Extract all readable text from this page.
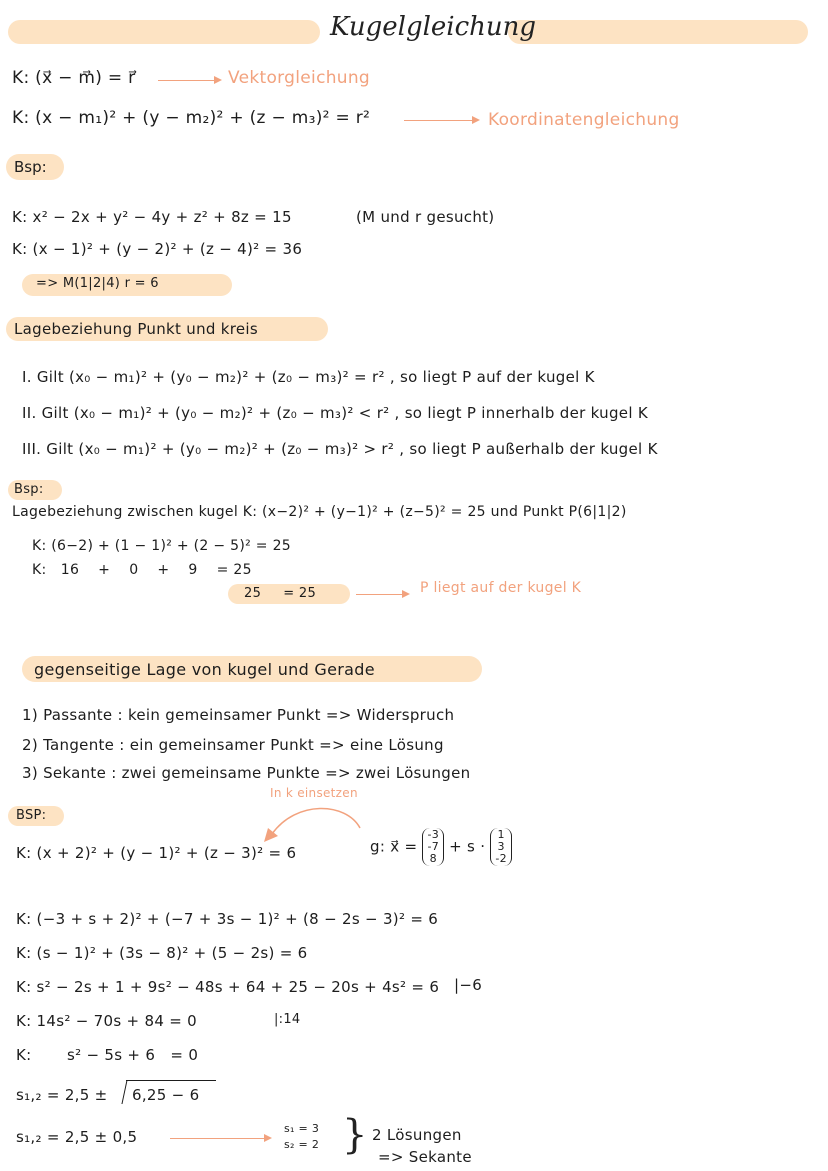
Kugelgleichung
K: (x⃗ − m⃗) = r⃗	Vektorgleichung
K: (x − m₁)² + (y − m₂)² + (z − m₃)² = r²	Koordinatengleichung
Bsp:
K: x² − 2x + y² − 4y + z² + 8z = 15	(M und r gesucht)
K: (x − 1)² + (y − 2)² + (z − 4)² = 36
=> M(1|2|4) r = 6
Lagebeziehung Punkt und kreis
I. Gilt (x₀ − m₁)² + (y₀ − m₂)² + (z₀ − m₃)² = r² , so liegt P auf der kugel K
II. Gilt (x₀ − m₁)² + (y₀ − m₂)² + (z₀ − m₃)² < r² , so liegt P innerhalb der kugel K
III. Gilt (x₀ − m₁)² + (y₀ − m₂)² + (z₀ − m₃)² > r² , so liegt P außerhalb der kugel K
Bsp:
Lagebeziehung zwischen kugel K: (x−2)² + (y−1)² + (z−5)² = 25 und Punkt P(6|1|2)
K: (6−2) + (1 − 1)² + (2 − 5)² = 25
K:   16    +    0    +    9    = 25
25     = 25	P liegt auf der kugel K
gegenseitige Lage von kugel und Gerade
1) Passante : kein gemeinsamer Punkt => Widerspruch
2) Tangente : ein gemeinsamer Punkt => eine Lösung
3) Sekante : zwei gemeinsame Punkte => zwei Lösungen
In k einsetzen
BSP:
K: (x + 2)² + (y − 1)² + (z − 3)² = 6	g: x⃗ =
-3
-7
8
+ s ·
1
3
-2
K: (−3 + s + 2)² + (−7 + 3s − 1)² + (8 − 2s − 3)² = 6
K: (s − 1)² + (3s − 8)² + (5 − 2s) = 6
K: s² − 2s + 1 + 9s² − 48s + 64 + 25 − 20s + 4s² = 6 |−6
K: 14s² − 70s + 84 = 0	|:14
K:       s² − 5s + 6   = 0
s₁,₂ = 2,5 ± 6,25 − 6
s₁,₂ = 2,5 ± 0,5	s₁ = 3
s₂ = 2 } 2 Lösungen
=> Sekante
